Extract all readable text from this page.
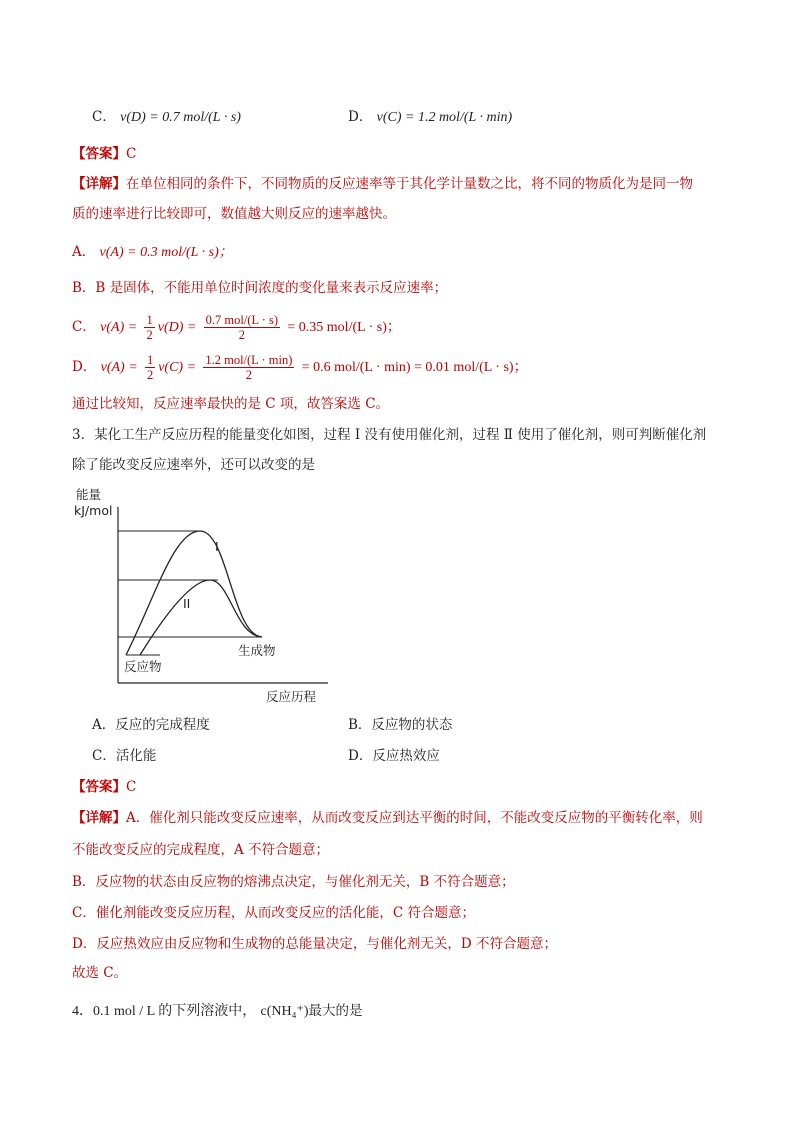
C． v(D) = 0.7 mol/(L · s)	D． v(C) = 1.2 mol/(L · min)
【答案】C
【详解】在单位相同的条件下，不同物质的反应速率等于其化学计量数之比，将不同的物质化为是同一物
质的速率进行比较即可，数值越大则反应的速率越快。
A． v(A) = 0.3 mol/(L · s)；
B．B 是固体，不能用单位时间浓度的变化量来表示反应速率；
C． $v(A) = \frac{1}{2} v(D) = \frac{\text{0.7 mol/(L · s)}}{2} = 0.35$ mol/(L · s)；
D． $v(A) = \frac{1}{2} v(C) = \frac{\text{1.2 mol/(L · min)}}{2} = 0.6$ mol/(L · min) = 0.01 mol/(L · s)；
通过比较知，反应速率最快的是 C 项，故答案选 C。
3．某化工生产反应历程的能量变化如图，过程 Ⅰ 没有使用催化剂，过程 Ⅱ 使用了催化剂，则可判断催化剂
除了能改变反应速率外，还可以改变的是
能量
kJ/mol
I
II
反应物
生成物
反应历程
A．反应的完成程度	B．反应物的状态
C．活化能	D．反应热效应
【答案】C
【详解】A．催化剂只能改变反应速率，从而改变反应到达平衡的时间，不能改变反应物的平衡转化率，则
不能改变反应的完成程度，A 不符合题意；
B．反应物的状态由反应物的熔沸点决定，与催化剂无关，B 不符合题意；
C．催化剂能改变反应历程，从而改变反应的活化能，C 符合题意；
D．反应热效应由反应物和生成物的总能量决定，与催化剂无关，D 不符合题意；
故选 C。
4．0.1 mol / L 的下列溶液中， c(NH₄⁺)最大的是
